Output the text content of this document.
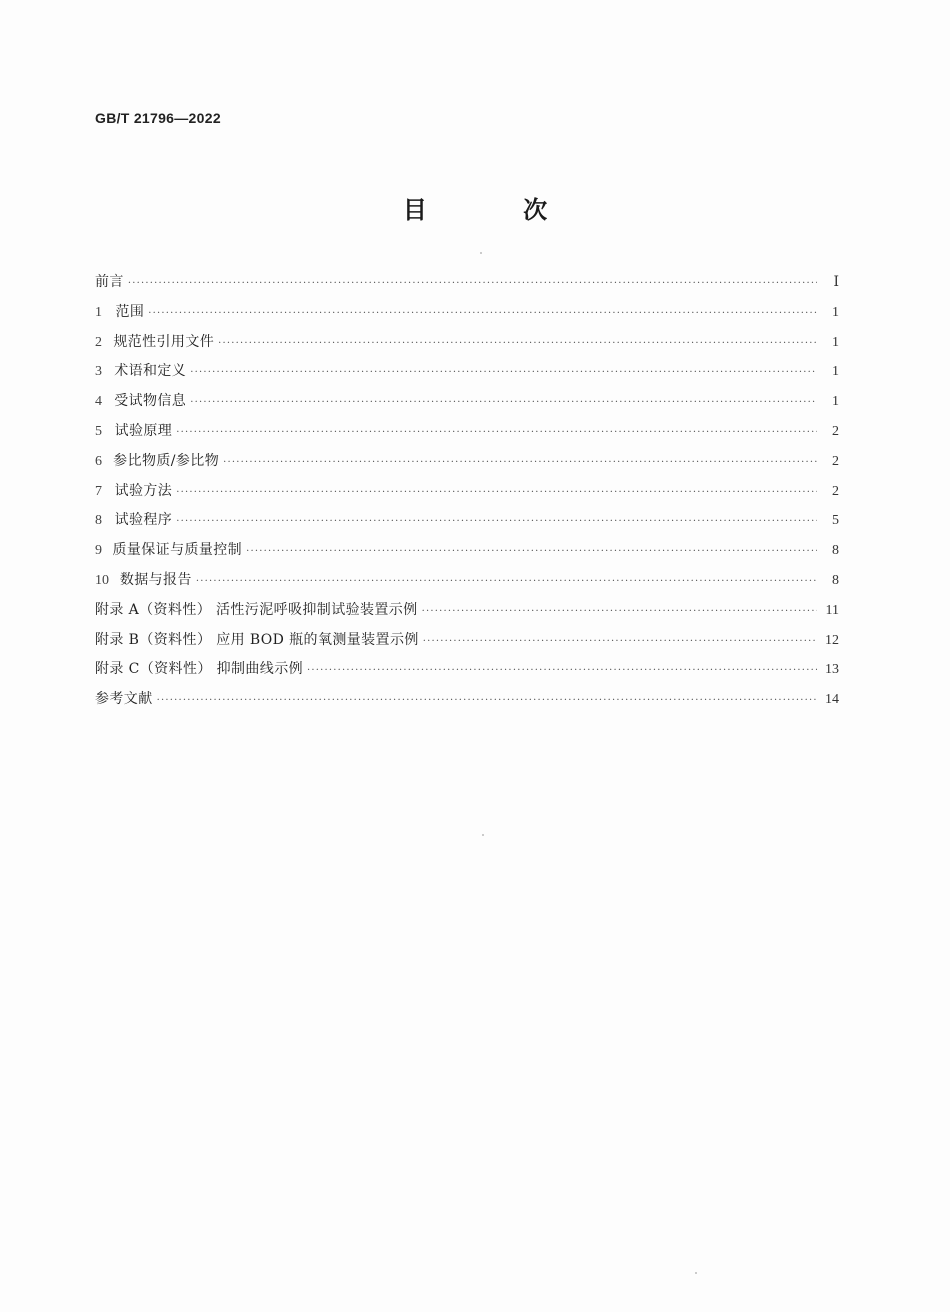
GB/T 21796—2022
目 次
前言 ·····	Ⅰ
1 范围 ·····	1
2 规范性引用文件 ·····	1
3 术语和定义 ·····	1
4 受试物信息 ·····	1
5 试验原理 ·····	2
6 参比物质/参比物 ·····	2
7 试验方法 ·····	2
8 试验程序 ·····	5
9 质量保证与质量控制 ·····	8
10 数据与报告 ·····	8
附录 A（资料性） 活性污泥呼吸抑制试验装置示例 ·····	11
附录 B（资料性） 应用 BOD 瓶的氧测量装置示例 ·····	12
附录 C（资料性） 抑制曲线示例 ·····	13
参考文献 ·····	14
